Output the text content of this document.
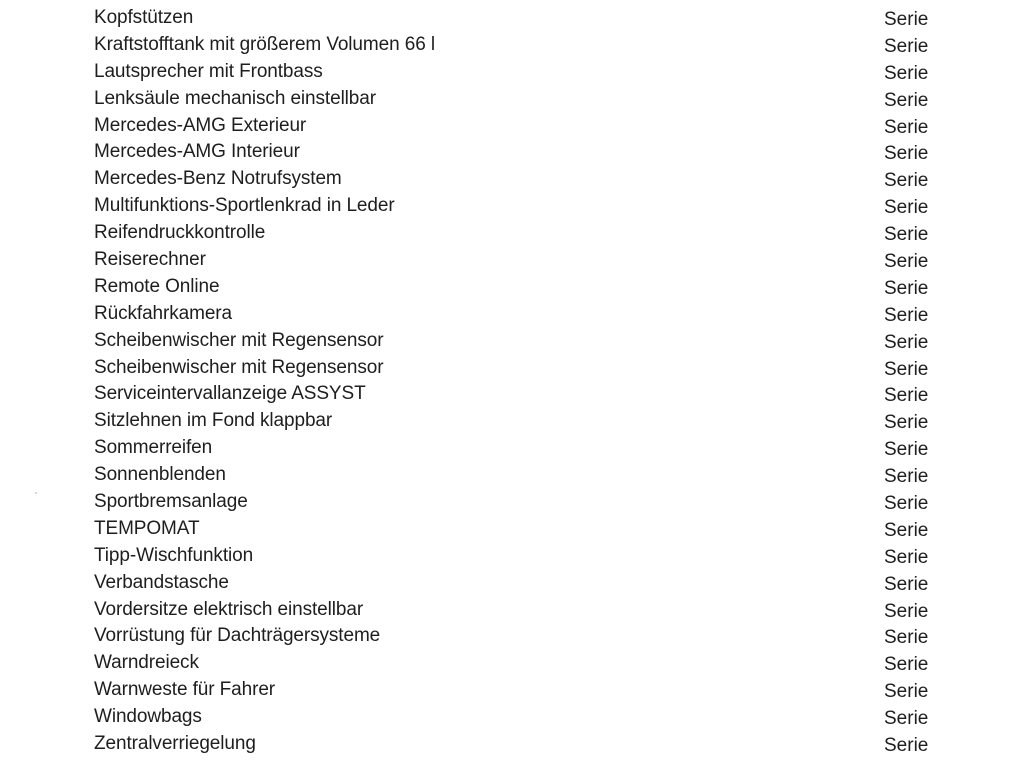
Kopfstützen	Serie
Kraftstofftank mit größerem Volumen 66 l	Serie
Lautsprecher mit Frontbass	Serie
Lenksäule mechanisch einstellbar	Serie
Mercedes-AMG Exterieur	Serie
Mercedes-AMG Interieur	Serie
Mercedes-Benz Notrufsystem	Serie
Multifunktions-Sportlenkrad in Leder	Serie
Reifendruckkontrolle	Serie
Reiserechner	Serie
Remote Online	Serie
Rückfahrkamera	Serie
Scheibenwischer mit Regensensor	Serie
Scheibenwischer mit Regensensor	Serie
Serviceintervallanzeige ASSYST	Serie
Sitzlehnen im Fond klappbar	Serie
Sommerreifen	Serie
Sonnenblenden	Serie
Sportbremsanlage	Serie
TEMPOMAT	Serie
Tipp-Wischfunktion	Serie
Verbandstasche	Serie
Vordersitze elektrisch einstellbar	Serie
Vorrüstung für Dachträgersysteme	Serie
Warndreieck	Serie
Warnweste für Fahrer	Serie
Windowbags	Serie
Zentralverriegelung	Serie
